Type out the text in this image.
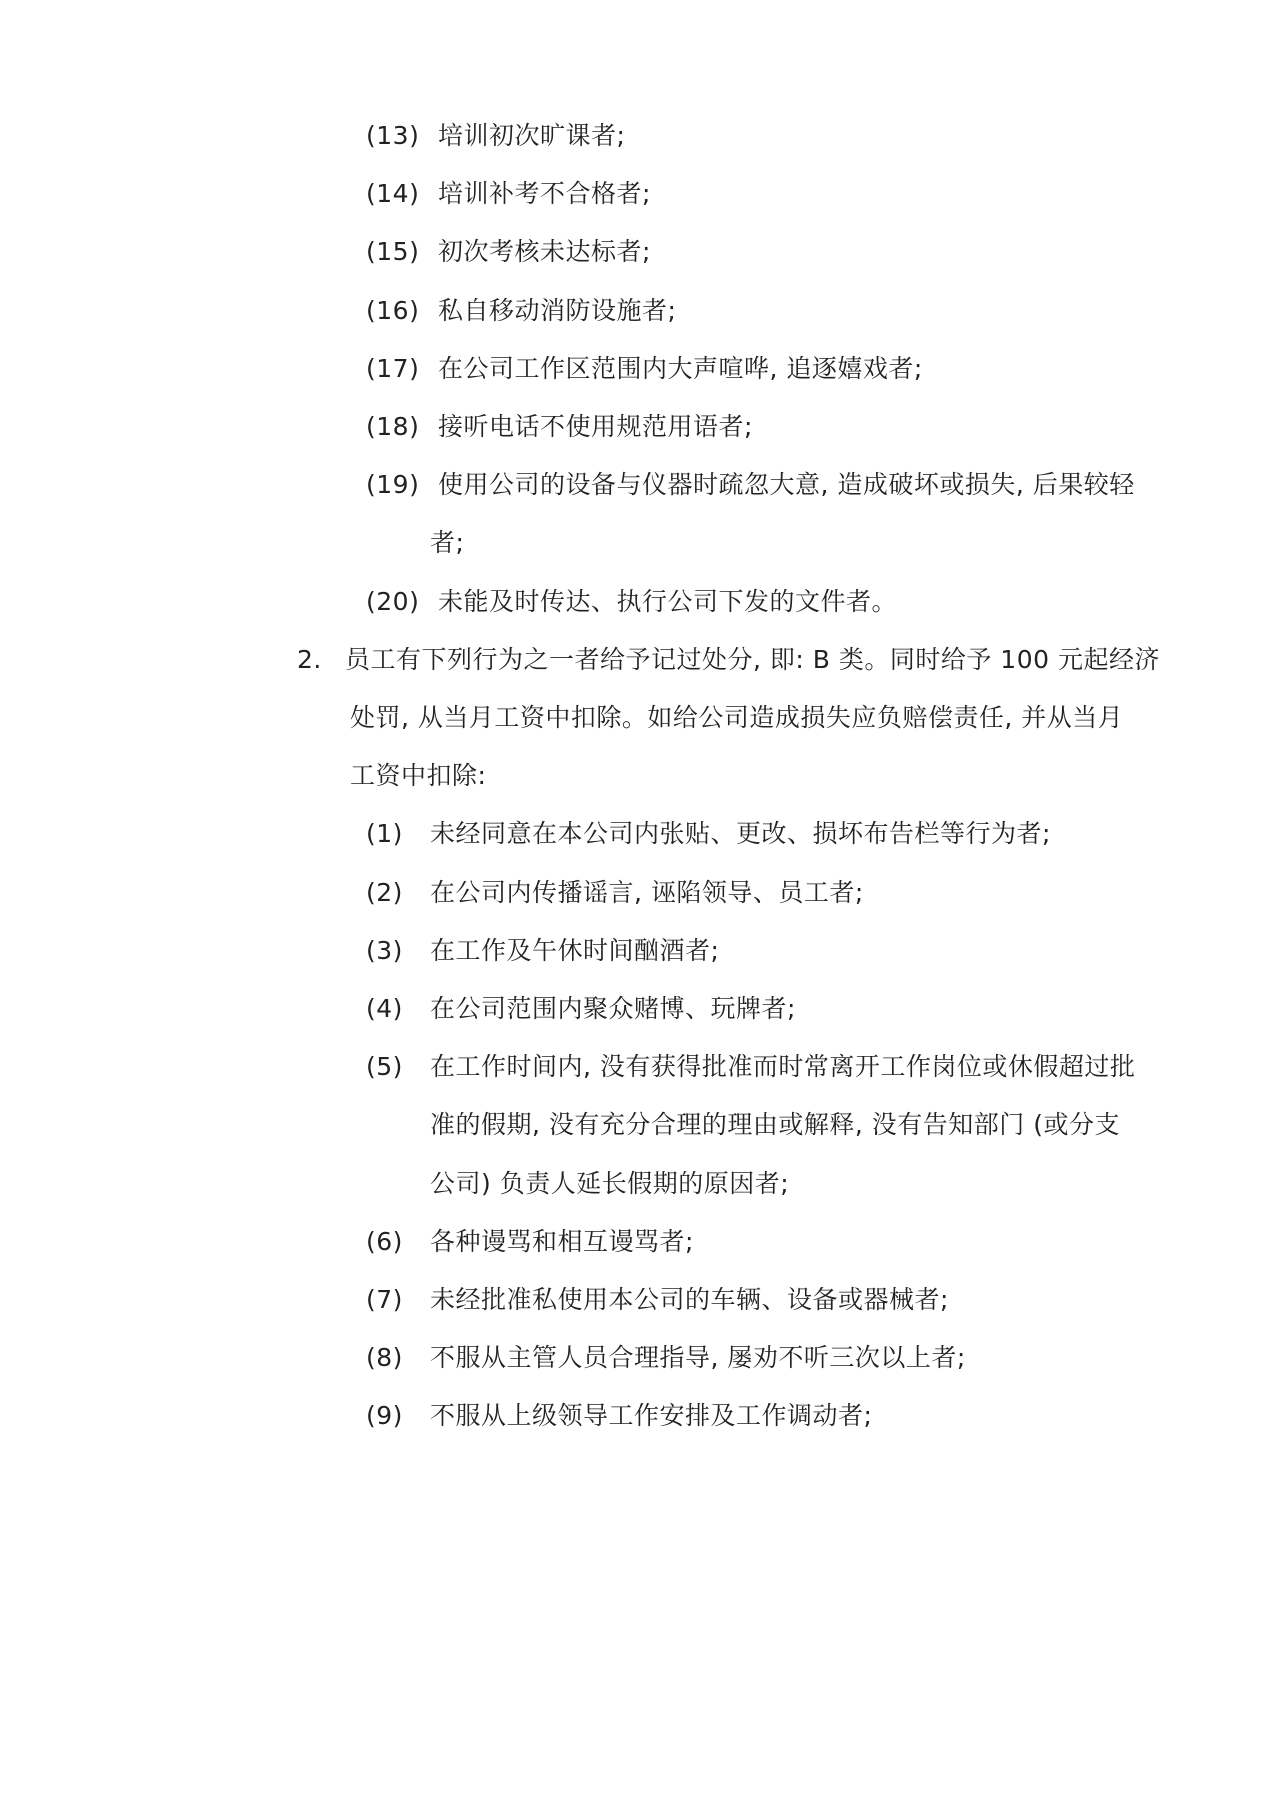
(13) 培训初次旷课者;
(14) 培训补考不合格者;
(15) 初次考核未达标者;
(16) 私自移动消防设施者;
(17) 在公司工作区范围内大声喧哗, 追逐嬉戏者;
(18) 接听电话不使用规范用语者;
(19) 使用公司的设备与仪器时疏忽大意, 造成破坏或损失, 后果较轻
者;
(20) 未能及时传达、执行公司下发的文件者。
2. 员工有下列行为之一者给予记过处分, 即: B 类。同时给予 100 元起经济
处罚, 从当月工资中扣除。如给公司造成损失应负赔偿责任, 并从当月
工资中扣除:
(1) 未经同意在本公司内张贴、更改、损坏布告栏等行为者;
(2) 在公司内传播谣言, 诬陷领导、员工者;
(3) 在工作及午休时间酗酒者;
(4) 在公司范围内聚众赌博、玩牌者;
(5) 在工作时间内, 没有获得批准而时常离开工作岗位或休假超过批
准的假期, 没有充分合理的理由或解释, 没有告知部门 (或分支
公司) 负责人延长假期的原因者;
(6) 各种谩骂和相互谩骂者;
(7) 未经批准私使用本公司的车辆、设备或器械者;
(8) 不服从主管人员合理指导, 屡劝不听三次以上者;
(9) 不服从上级领导工作安排及工作调动者;
